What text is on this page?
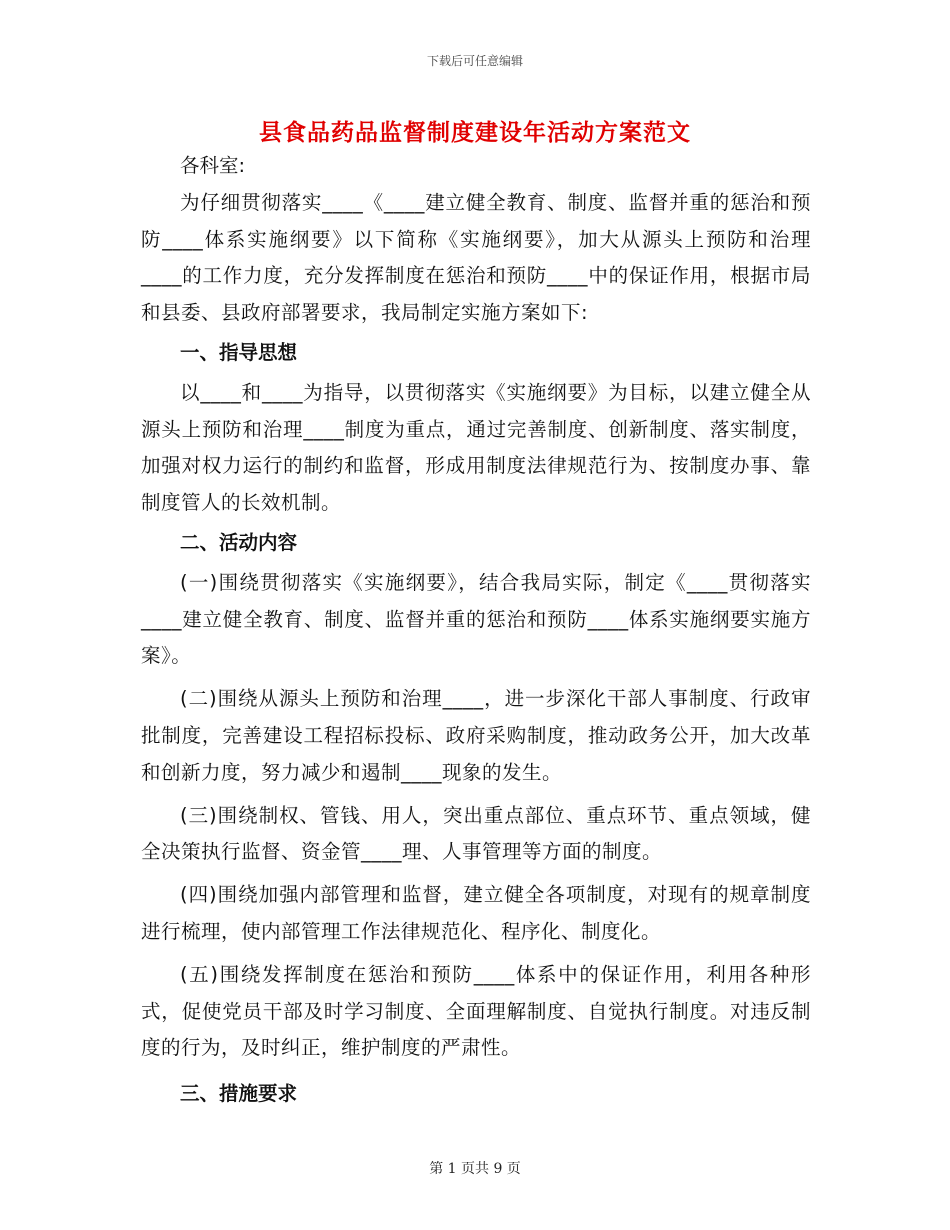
下载后可任意编辑
县食品药品监督制度建设年活动方案范文

各科室:

为仔细贯彻落实____《____建立健全教育、制度、监督并重的惩治和预防____体系实施纲要》以下简称《实施纲要》，加大从源头上预防和治理____的工作力度，充分发挥制度在惩治和预防____中的保证作用，根据市局和县委、县政府部署要求，我局制定实施方案如下:

一、指导思想

以____和____为指导，以贯彻落实《实施纲要》为目标，以建立健全从源头上预防和治理____制度为重点，通过完善制度、创新制度、落实制度，加强对权力运行的制约和监督，形成用制度法律规范行为、按制度办事、靠制度管人的长效机制。

二、活动内容

(一)围绕贯彻落实《实施纲要》，结合我局实际，制定《____贯彻落实____建立健全教育、制度、监督并重的惩治和预防____体系实施纲要实施方案》。

(二)围绕从源头上预防和治理____，进一步深化干部人事制度、行政审批制度，完善建设工程招标投标、政府采购制度，推动政务公开，加大改革和创新力度，努力减少和遏制____现象的发生。

(三)围绕制权、管钱、用人，突出重点部位、重点环节、重点领域，健全决策执行监督、资金管____理、人事管理等方面的制度。

(四)围绕加强内部管理和监督，建立健全各项制度，对现有的规章制度进行梳理，使内部管理工作法律规范化、程序化、制度化。

(五)围绕发挥制度在惩治和预防____体系中的保证作用，利用各种形式，促使党员干部及时学习制度、全面理解制度、自觉执行制度。对违反制度的行为，及时纠正，维护制度的严肃性。

三、措施要求

第 1 页共 9 页
